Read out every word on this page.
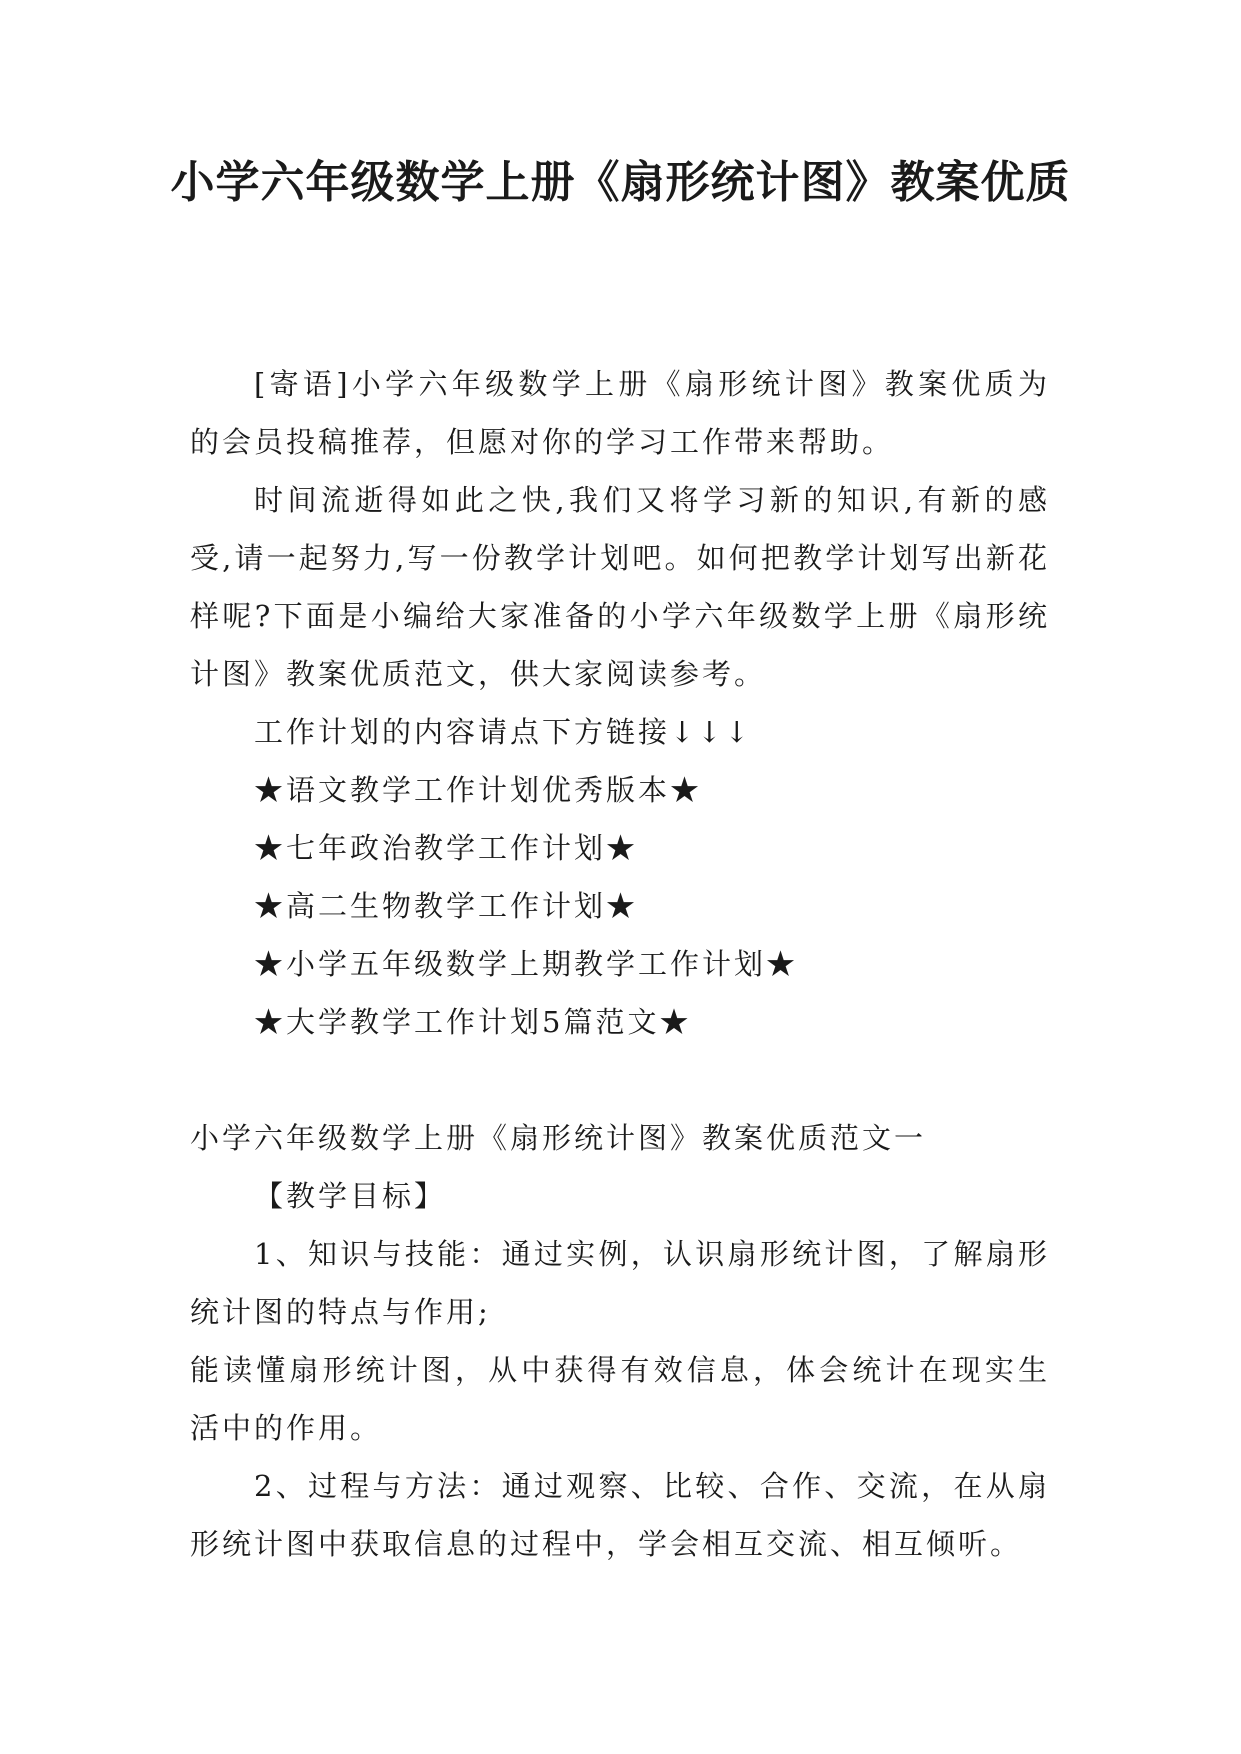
小学六年级数学上册《扇形统计图》教案优质

[寄语]小学六年级数学上册《扇形统计图》教案优质为的会员投稿推荐，但愿对你的学习工作带来帮助。

时间流逝得如此之快,我们又将学习新的知识,有新的感受,请一起努力,写一份教学计划吧。如何把教学计划写出新花样呢?下面是小编给大家准备的小学六年级数学上册《扇形统计图》教案优质范文，供大家阅读参考。

工作计划的内容请点下方链接↓↓↓

★语文教学工作计划优秀版本★

★七年政治教学工作计划★

★高二生物教学工作计划★

★小学五年级数学上期教学工作计划★

★大学教学工作计划5篇范文★

小学六年级数学上册《扇形统计图》教案优质范文一

【教学目标】

1、知识与技能：通过实例，认识扇形统计图，了解扇形统计图的特点与作用;

能读懂扇形统计图，从中获得有效信息，体会统计在现实生活中的作用。

2、过程与方法：通过观察、比较、合作、交流，在从扇形统计图中获取信息的过程中，学会相互交流、相互倾听。
